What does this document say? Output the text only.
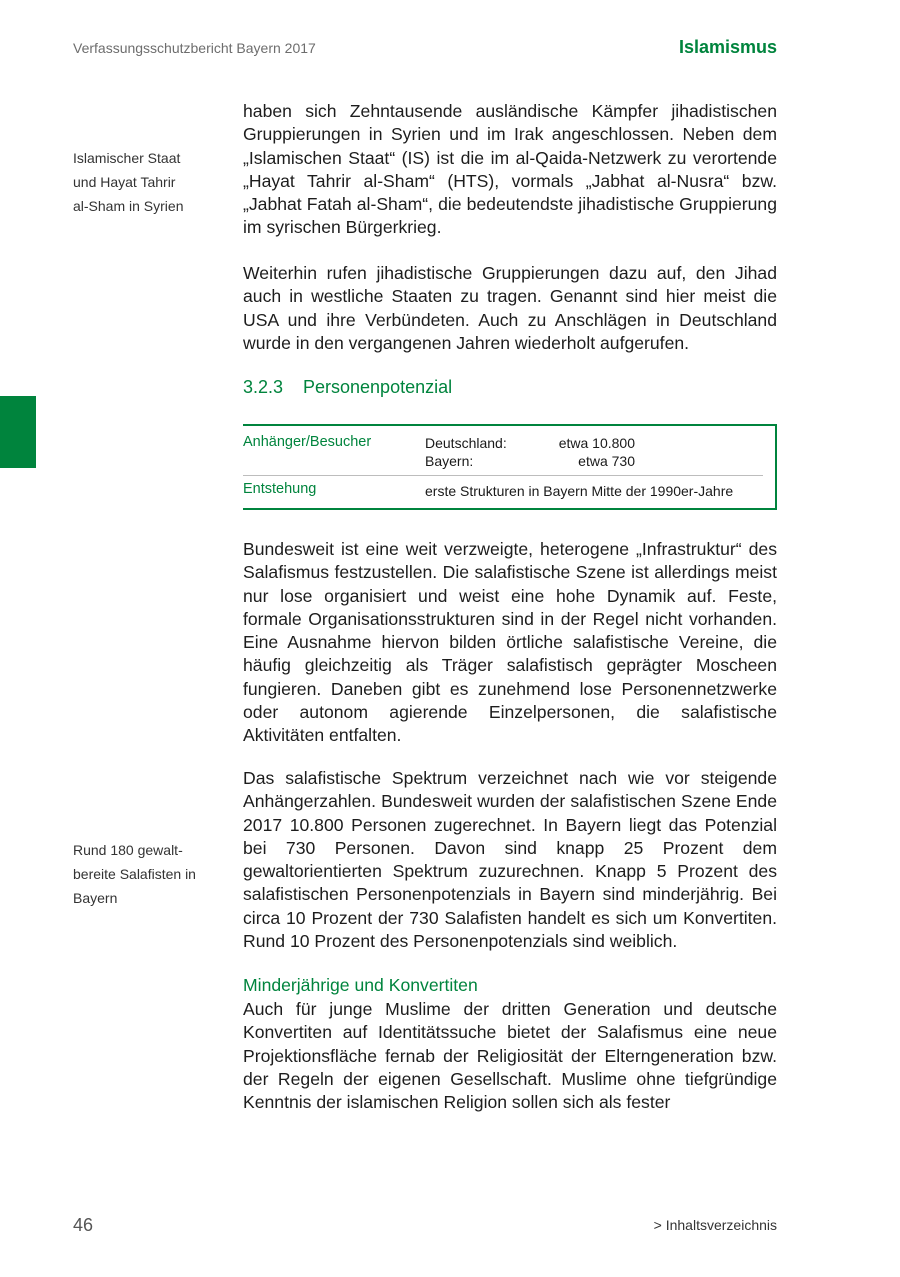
Verfassungsschutzbericht Bayern 2017	Islamismus
Islamischer Staat
und Hayat Tahrir
al-Sham in Syrien

haben sich Zehntausende ausländische Kämpfer jihadistischen Gruppierungen in Syrien und im Irak angeschlossen. Neben dem „Islamischen Staat“ (IS) ist die im al-Qaida-Netzwerk zu verortende „Hayat Tahrir al-Sham“ (HTS), vormals „Jabhat al-Nusra“ bzw. „Jabhat Fatah al-Sham“, die bedeutendste jihadistische Gruppierung im syrischen Bürgerkrieg.

Weiterhin rufen jihadistische Gruppierungen dazu auf, den Jihad auch in westliche Staaten zu tragen. Genannt sind hier meist die USA und ihre Verbündeten. Auch zu Anschlägen in Deutschland wurde in den vergangenen Jahren wiederholt aufgerufen.

3.2.3 Personenpotenzial
Anhänger/Besucher	Deutschland:	etwa 10.800
Bayern:	etwa 730
Entstehung	erste Strukturen in Bayern Mitte der 1990er-Jahre

Bundesweit ist eine weit verzweigte, heterogene „Infrastruktur“ des Salafismus festzustellen. Die salafistische Szene ist allerdings meist nur lose organisiert und weist eine hohe Dynamik auf. Feste, formale Organisationsstrukturen sind in der Regel nicht vorhanden. Eine Ausnahme hiervon bilden örtliche salafistische Vereine, die häufig gleichzeitig als Träger salafistisch geprägter Moscheen fungieren. Daneben gibt es zunehmend lose Personennetzwerke oder autonom agierende Einzelpersonen, die salafistische Aktivitäten entfalten.

Rund 180 gewalt-
bereite Salafisten in
Bayern

Das salafistische Spektrum verzeichnet nach wie vor steigende Anhängerzahlen. Bundesweit wurden der salafistischen Szene Ende 2017 10.800 Personen zugerechnet. In Bayern liegt das Potenzial bei 730 Personen. Davon sind knapp 25 Prozent dem gewaltorientierten Spektrum zuzurechnen. Knapp 5 Prozent des salafistischen Personenpotenzials in Bayern sind minderjährig. Bei circa 10 Prozent der 730 Salafisten handelt es sich um Konvertiten. Rund 10 Prozent des Personenpotenzials sind weiblich.

Minderjährige und Konvertiten

Auch für junge Muslime der dritten Generation und deutsche Konvertiten auf Identitätssuche bietet der Salafismus eine neue Projektionsfläche fernab der Religiosität der Elterngeneration bzw. der Regeln der eigenen Gesellschaft. Muslime ohne tiefgründige Kenntnis der islamischen Religion sollen sich als fester

46	> Inhaltsverzeichnis
